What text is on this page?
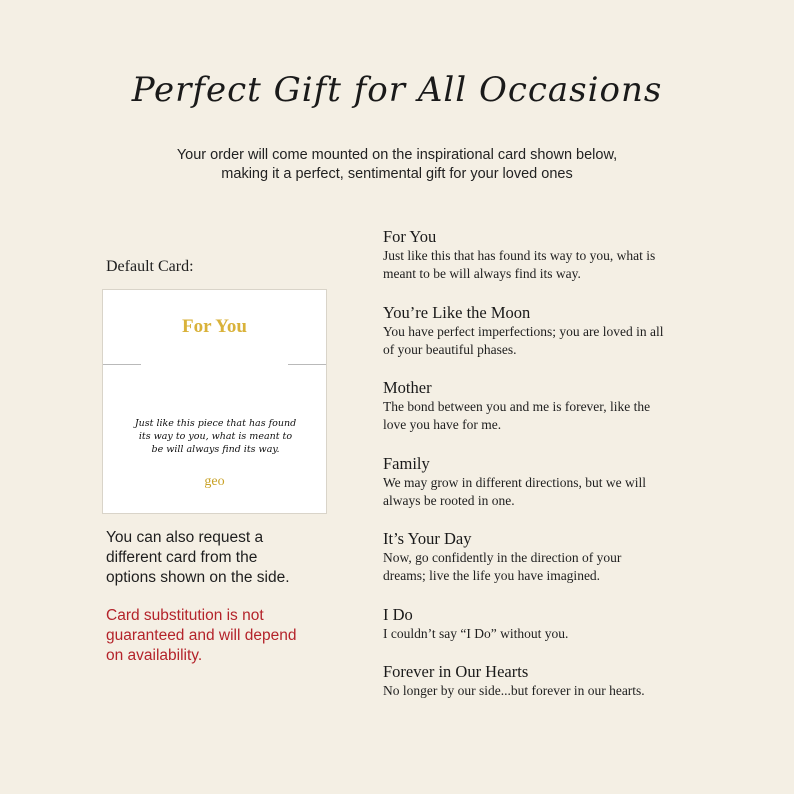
Perfect Gift for All Occasions
Your order will come mounted on the inspirational card shown below,
making it a perfect, sentimental gift for your loved ones
Default Card:
For You
Just like this piece that has found
its way to you, what is meant to
be will always find its way.
geo
You can also request a
different card from the
options shown on the side.
Card substitution is not
guaranteed and will depend
on availability.
For You
Just like this that has found its way to you, what is
meant to be will always find its way.
You’re Like the Moon
You have perfect imperfections; you are loved in all
of your beautiful phases.
Mother
The bond between you and me is forever, like the
love you have for me.
Family
We may grow in different directions, but we will
always be rooted in one.
It’s Your Day
Now, go confidently in the direction of your
dreams; live the life you have imagined.
I Do
I couldn’t say “I Do” without you.
Forever in Our Hearts
No longer by our side...but forever in our hearts.
